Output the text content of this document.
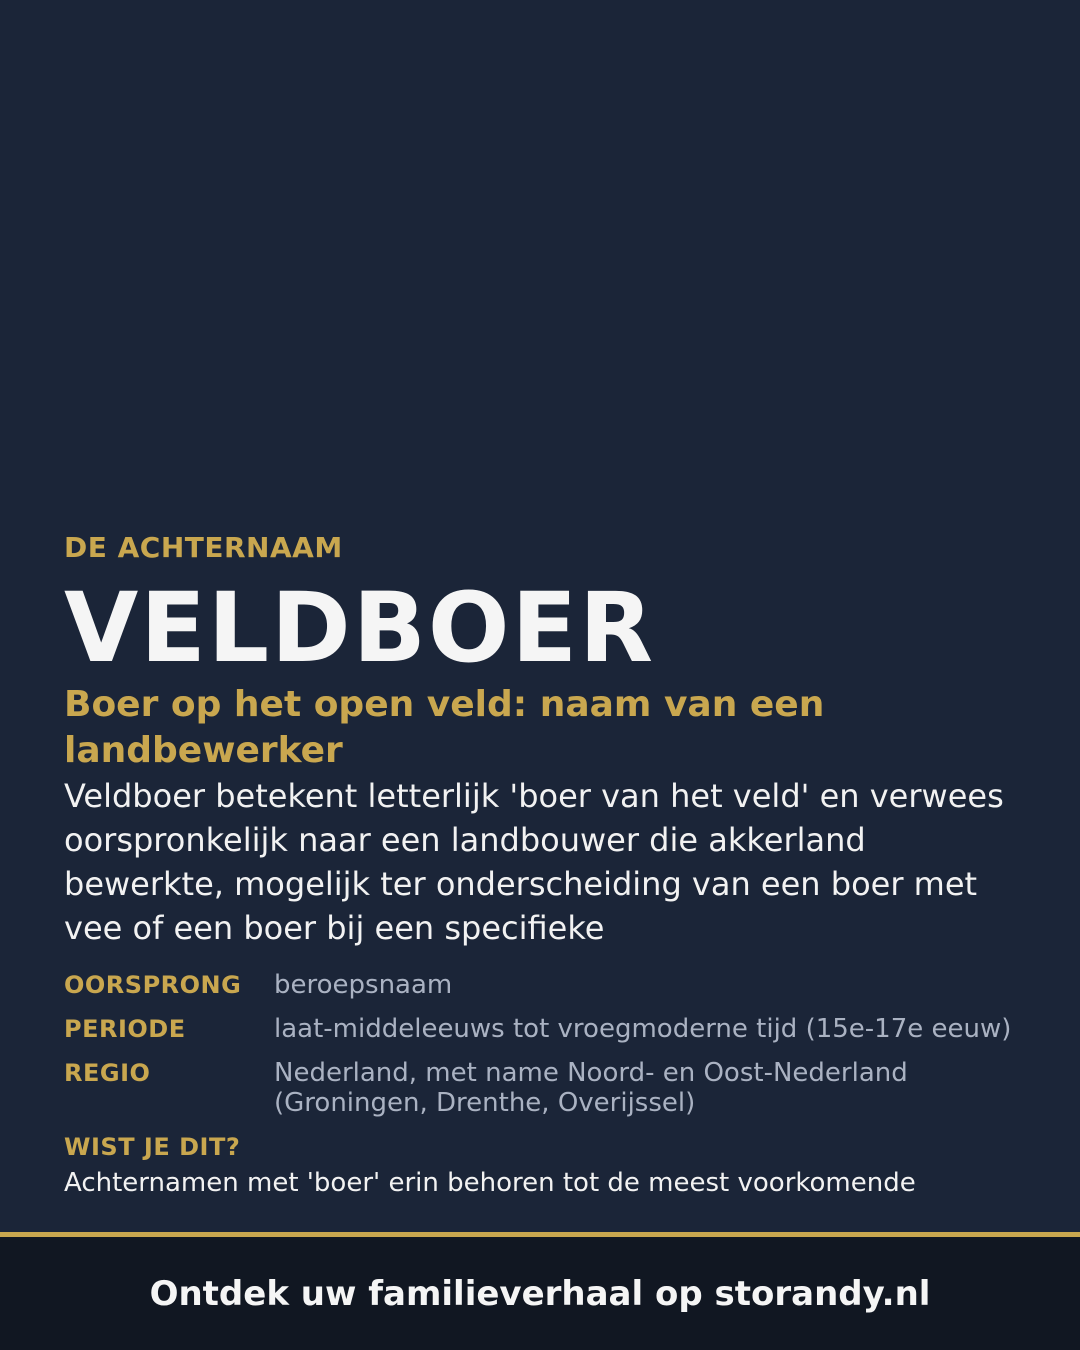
DE ACHTERNAAM
VELDBOER
Boer op het open veld: naam van een landbewerker
Veldboer betekent letterlijk 'boer van het veld' en verwees oorspronkelijk naar een landbouwer die akkerland bewerkte, mogelijk ter onderscheiding van een boer met vee of een boer bij een specifieke
OORSPRONG	beroepsnaam
PERIODE	laat-middeleeuws tot vroegmoderne tijd (15e-17e eeuw)
REGIO	Nederland, met name Noord- en Oost-Nederland (Groningen, Drenthe, Overijssel)
WIST JE DIT?
Achternamen met 'boer' erin behoren tot de meest voorkomende
Ontdek uw familieverhaal op storandy.nl
